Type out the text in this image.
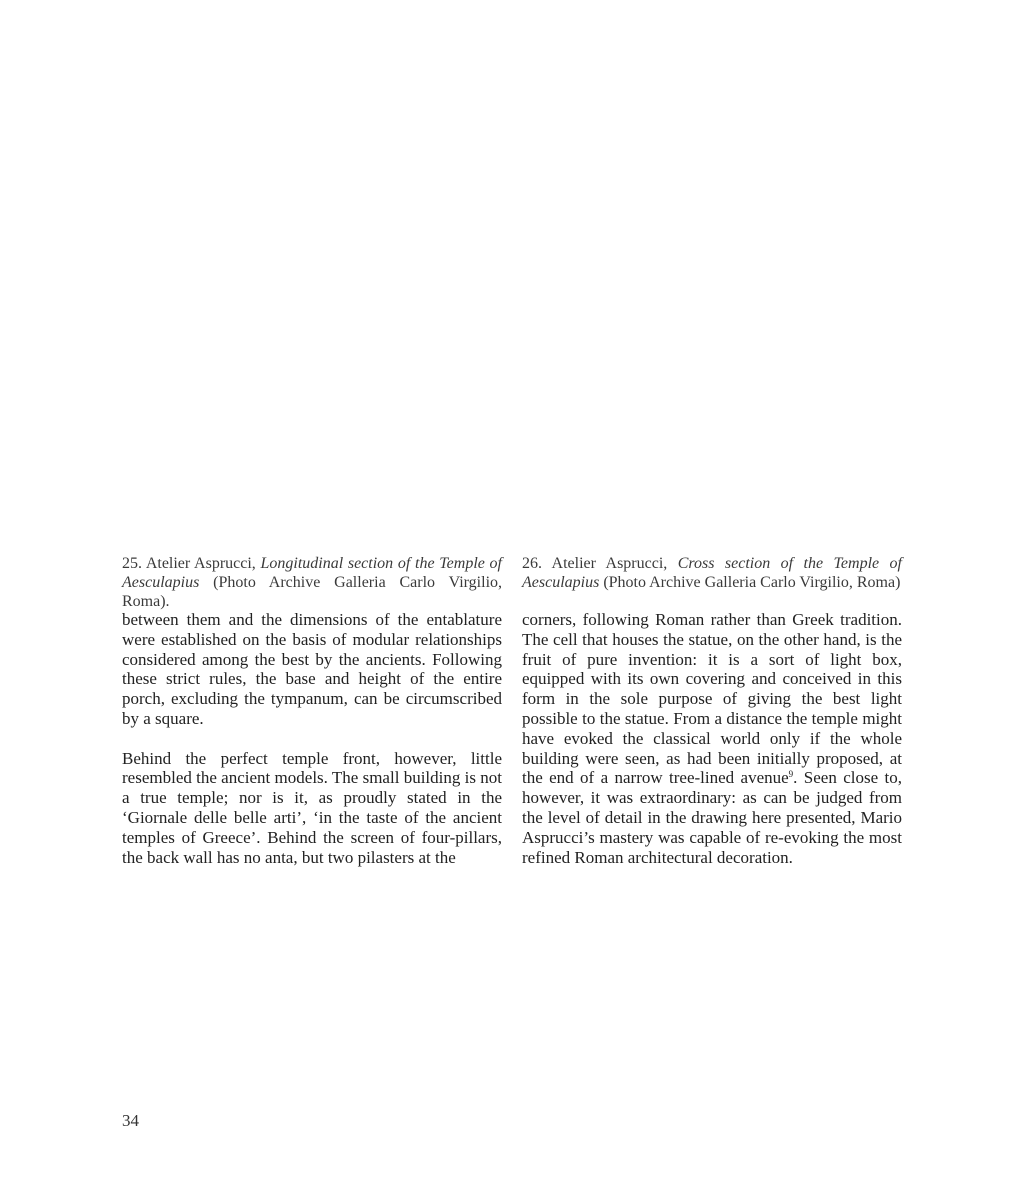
25. Atelier Asprucci, Longitudinal section of the Temple of Aesculapius (Photo Archive Galleria Carlo Virgilio, Roma).
26. Atelier Asprucci, Cross section of the Temple of Aesculapius (Photo Archive Galleria Carlo Virgilio, Roma)

between them and the dimensions of the entablature were established on the basis of modular relationships considered among the best by the ancients. Following these strict rules, the base and height of the entire porch, excluding the tympanum, can be circumscribed by a square.

Behind the perfect temple front, however, little resembled the ancient models. The small building is not a true temple; nor is it, as proudly stated in the ‘Giornale delle belle arti’, ‘in the taste of the ancient temples of Greece’. Behind the screen of four-pillars, the back wall has no anta, but two pilasters at the

corners, following Roman rather than Greek tradition. The cell that houses the statue, on the other hand, is the fruit of pure invention: it is a sort of light box, equipped with its own covering and conceived in this form in the sole purpose of giving the best light possible to the statue. From a distance the temple might have evoked the classical world only if the whole building were seen, as had been initially proposed, at the end of a narrow tree-lined avenue$^9$. Seen close to, however, it was extraordinary: as can be judged from the level of detail in the drawing here presented, Mario Asprucci’s mastery was capable of re-evoking the most refined Roman architectural decoration.

34
